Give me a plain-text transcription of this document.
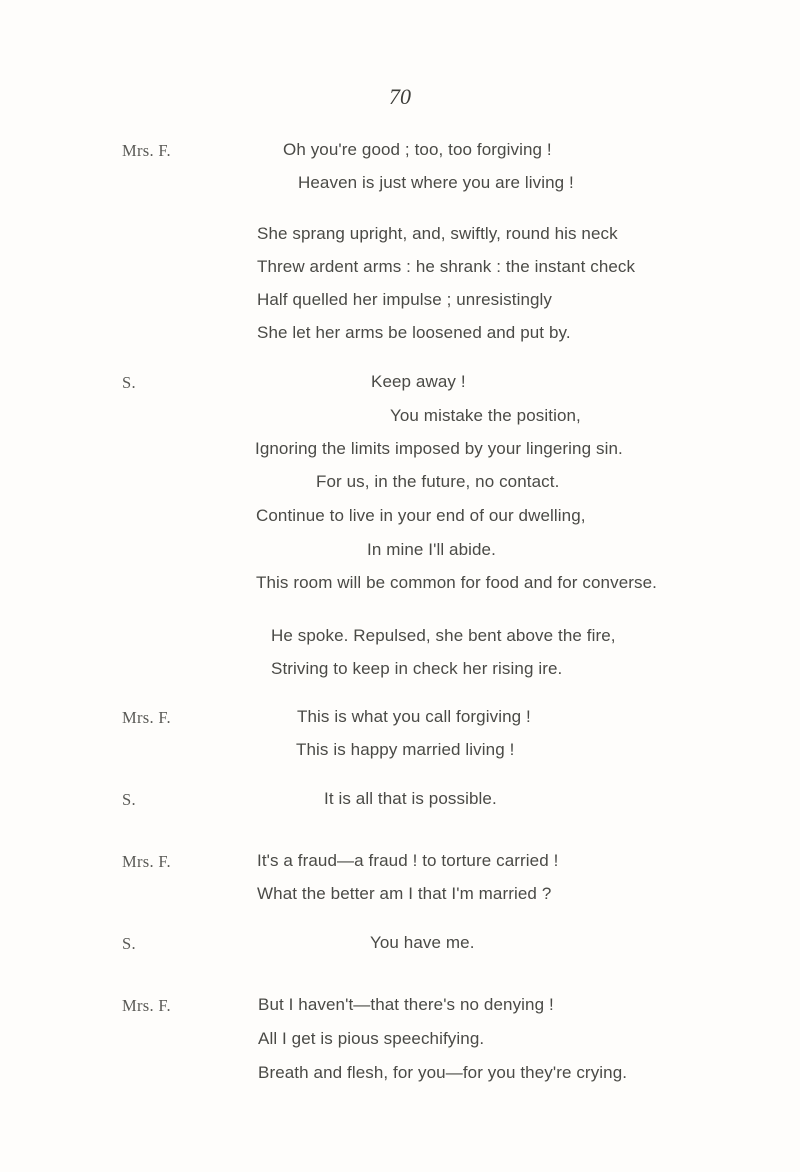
70
Mrs. F.
S.
Mrs. F.
S.
Mrs. F.
S.
Mrs. F.
Oh you're good ; too, too forgiving !
Heaven is just where you are living !
She sprang upright, and, swiftly, round his neck
Threw ardent arms : he shrank : the instant check
Half quelled her impulse ; unresistingly
She let her arms be loosened and put by.
Keep away !
You mistake the position,
Ignoring the limits imposed by your lingering sin.
For us, in the future, no contact.
Continue to live in your end of our dwelling,
In mine I'll abide.
This room will be common for food and for converse.
He spoke. Repulsed, she bent above the fire,
Striving to keep in check her rising ire.
This is what you call forgiving !
This is happy married living !
It is all that is possible.
It's a fraud—a fraud ! to torture carried !
What the better am I that I'm married ?
You have me.
But I haven't—that there's no denying !
All I get is pious speechifying.
Breath and flesh, for you—for you they're crying.
